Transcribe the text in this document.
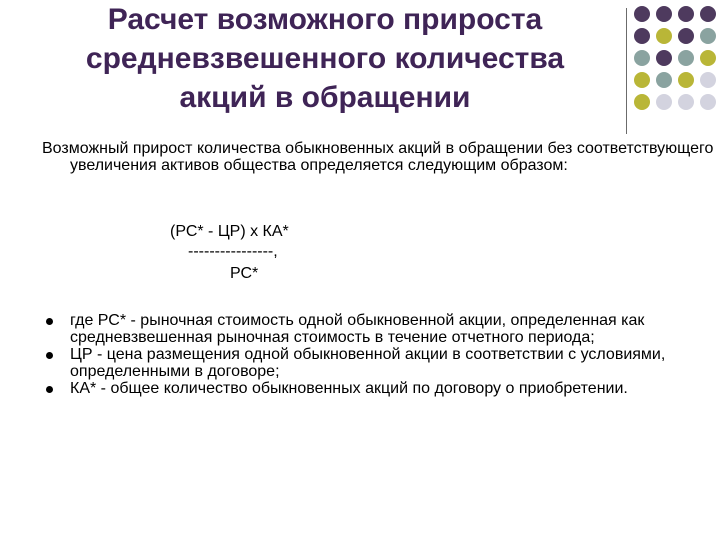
Расчет возможного прироста средневзвешенного количества акций в обращении

Возможный прирост количества обыкновенных акций в обращении без соответствующего увеличения активов общества определяется следующим образом:

(РС* - ЦР) х КА*
----------------,
РС*
где РС* - рыночная стоимость одной обыкновенной акции, определенная как средневзвешенная рыночная стоимость в течение отчетного периода;
ЦР - цена размещения одной обыкновенной акции в соответствии с условиями, определенными в договоре;
КА* - общее количество обыкновенных акций по договору о приобретении.
